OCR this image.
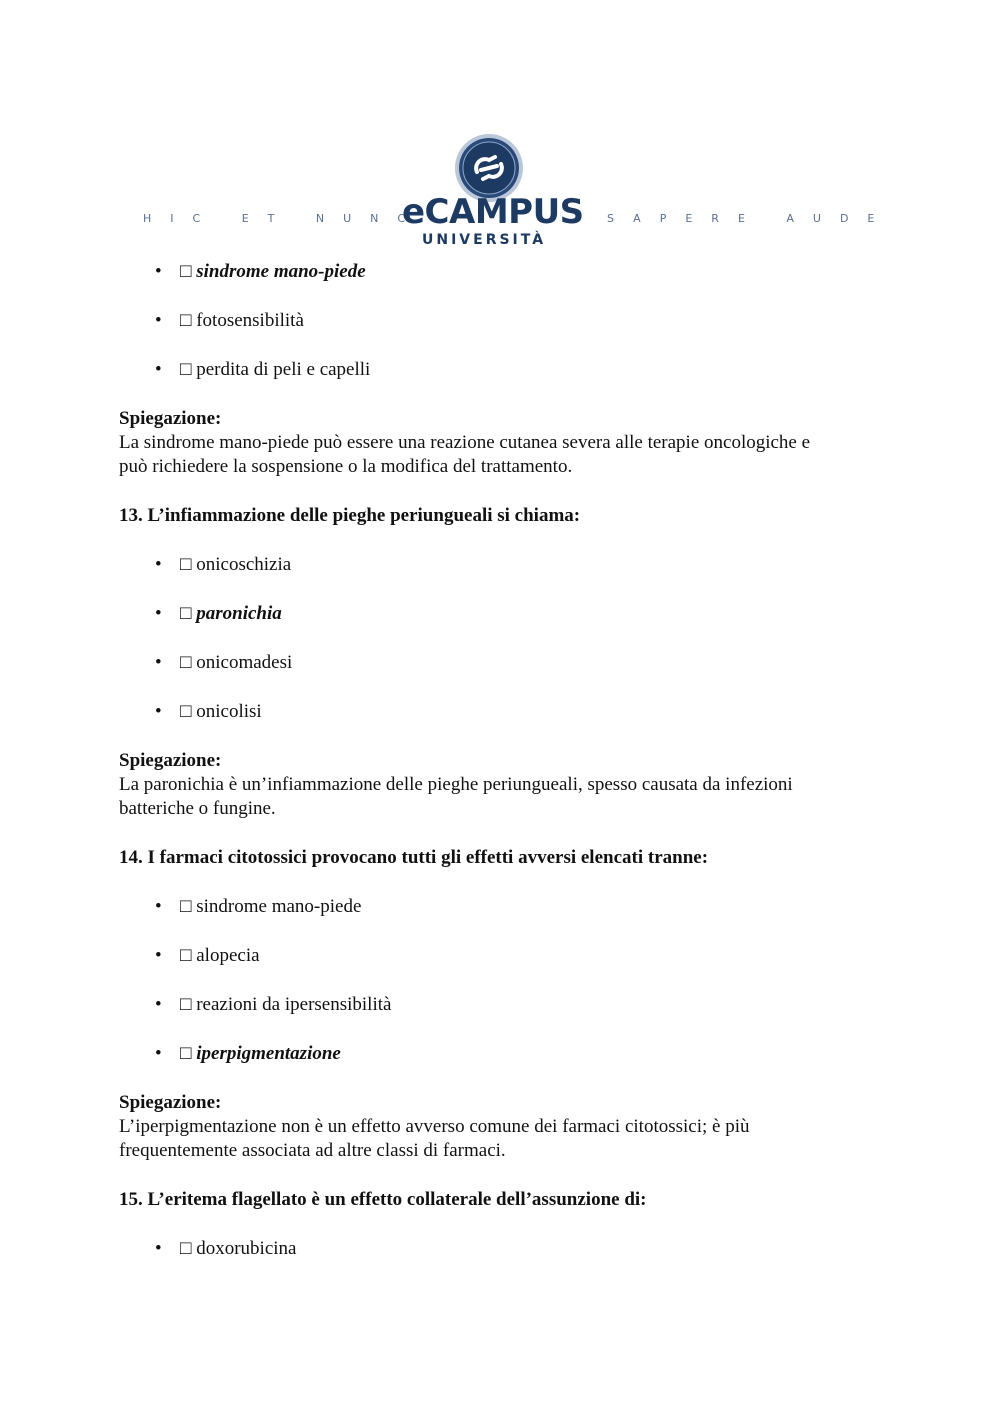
HIC ET NUNC
eCAMPUS
UNIVERSITÀ
SAPERE AUDE
• □ sindrome mano-piede
• □ fotosensibilità
• □ perdita di peli e capelli
Spiegazione:
La sindrome mano-piede può essere una reazione cutanea severa alle terapie oncologiche e
può richiedere la sospensione o la modifica del trattamento.
13. L’infiammazione delle pieghe periungueali si chiama:
• □ onicoschizia
• □ paronichia
• □ onicomadesi
• □ onicolisi
Spiegazione:
La paronichia è un’infiammazione delle pieghe periungueali, spesso causata da infezioni
batteriche o fungine.
14. I farmaci citotossici provocano tutti gli effetti avversi elencati tranne:
• □ sindrome mano-piede
• □ alopecia
• □ reazioni da ipersensibilità
• □ iperpigmentazione
Spiegazione:
L’iperpigmentazione non è un effetto avverso comune dei farmaci citotossici; è più
frequentemente associata ad altre classi di farmaci.
15. L’eritema flagellato è un effetto collaterale dell’assunzione di:
• □ doxorubicina
